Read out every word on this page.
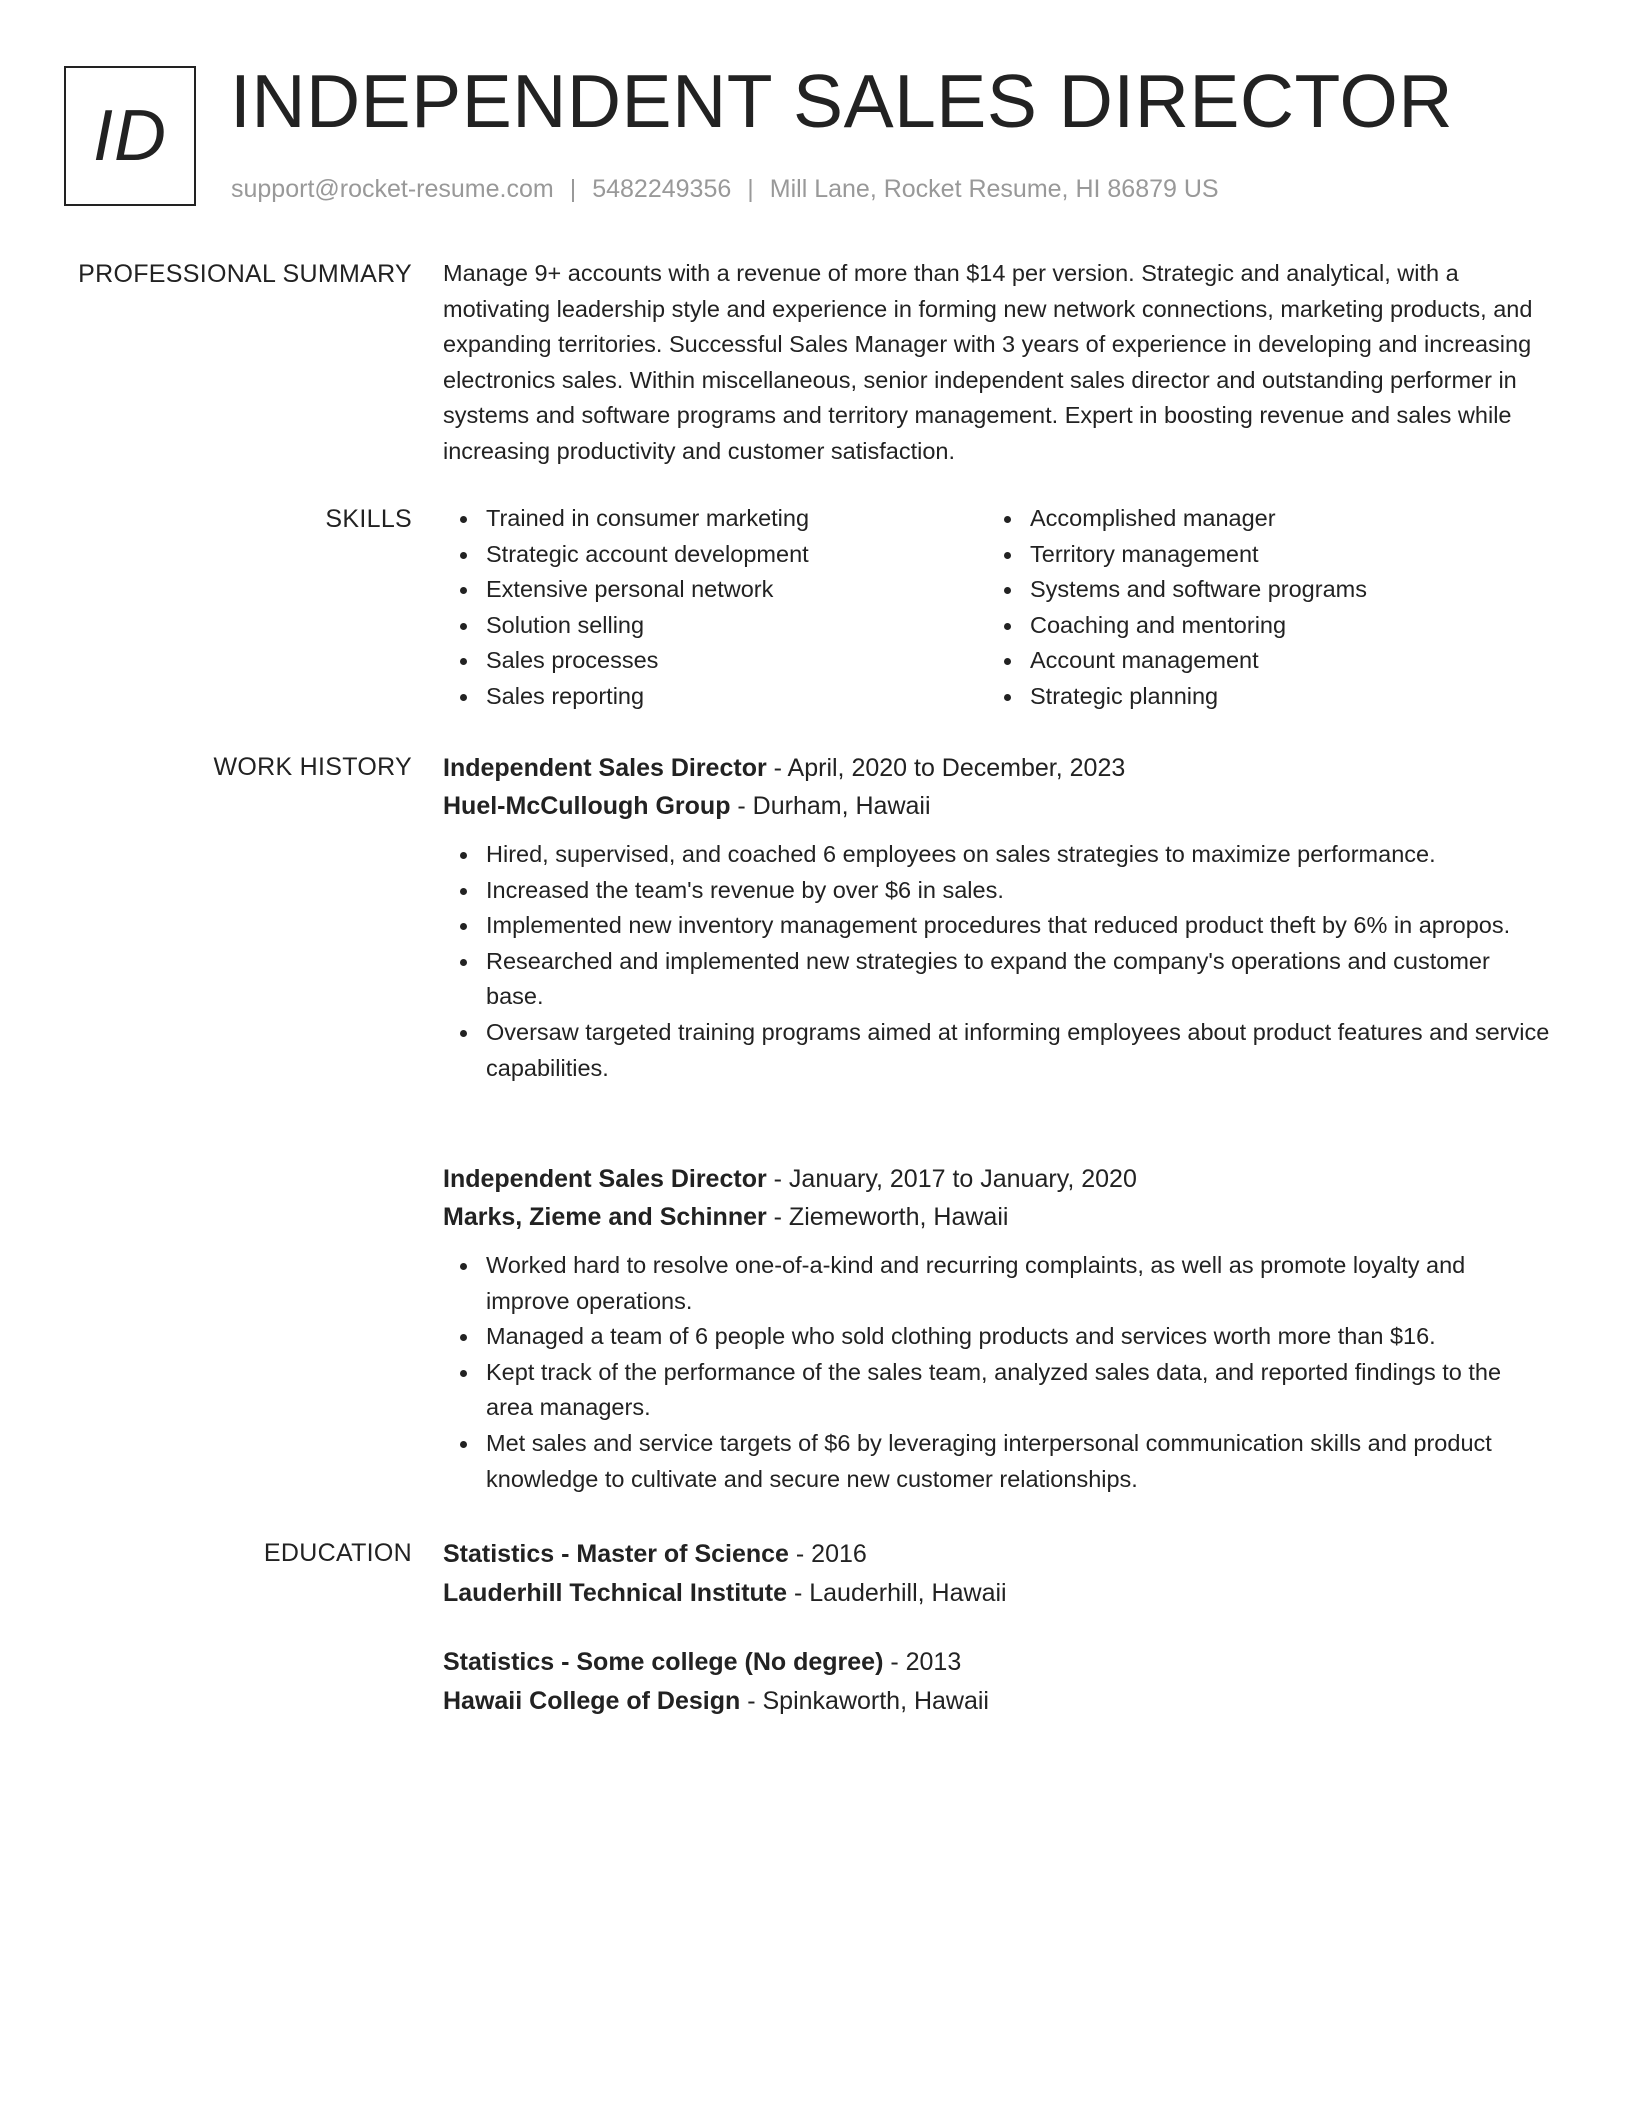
ID INDEPENDENT SALES DIRECTOR
support@rocket-resume.com | 5482249356 | Mill Lane, Rocket Resume, HI 86879 US
PROFESSIONAL SUMMARY Manage 9+ accounts with a revenue of more than $14 per version. Strategic and analytical, with a motivating leadership style and experience in forming new network connections, marketing products, and expanding territories. Successful Sales Manager with 3 years of experience in developing and increasing electronics sales. Within miscellaneous, senior independent sales director and outstanding performer in systems and software programs and territory management. Expert in boosting revenue and sales while increasing productivity and customer satisfaction.

SKILLS	Trained in consumer marketing
Strategic account development
Extensive personal network
Solution selling
Sales processes
Sales reporting
Accomplished manager
Territory management
Systems and software programs
Coaching and mentoring
Account management
Strategic planning
WORK HISTORY Independent Sales Director - April, 2020 to December, 2023
Huel-McCullough Group - Durham, Hawaii
Hired, supervised, and coached 6 employees on sales strategies to maximize performance.
Increased the team's revenue by over $6 in sales.
Implemented new inventory management procedures that reduced product theft by 6% in apropos.
Researched and implemented new strategies to expand the company's operations and customer base.
Oversaw targeted training programs aimed at informing employees about product features and service capabilities.
Independent Sales Director - January, 2017 to January, 2020
Marks, Zieme and Schinner - Ziemeworth, Hawaii
Worked hard to resolve one-of-a-kind and recurring complaints, as well as promote loyalty and improve operations.
Managed a team of 6 people who sold clothing products and services worth more than $16.
Kept track of the performance of the sales team, analyzed sales data, and reported findings to the area managers.
Met sales and service targets of $6 by leveraging interpersonal communication skills and product knowledge to cultivate and secure new customer relationships.
EDUCATION Statistics - Master of Science - 2016
Lauderhill Technical Institute - Lauderhill, Hawaii
Statistics - Some college (No degree) - 2013
Hawaii College of Design - Spinkaworth, Hawaii
